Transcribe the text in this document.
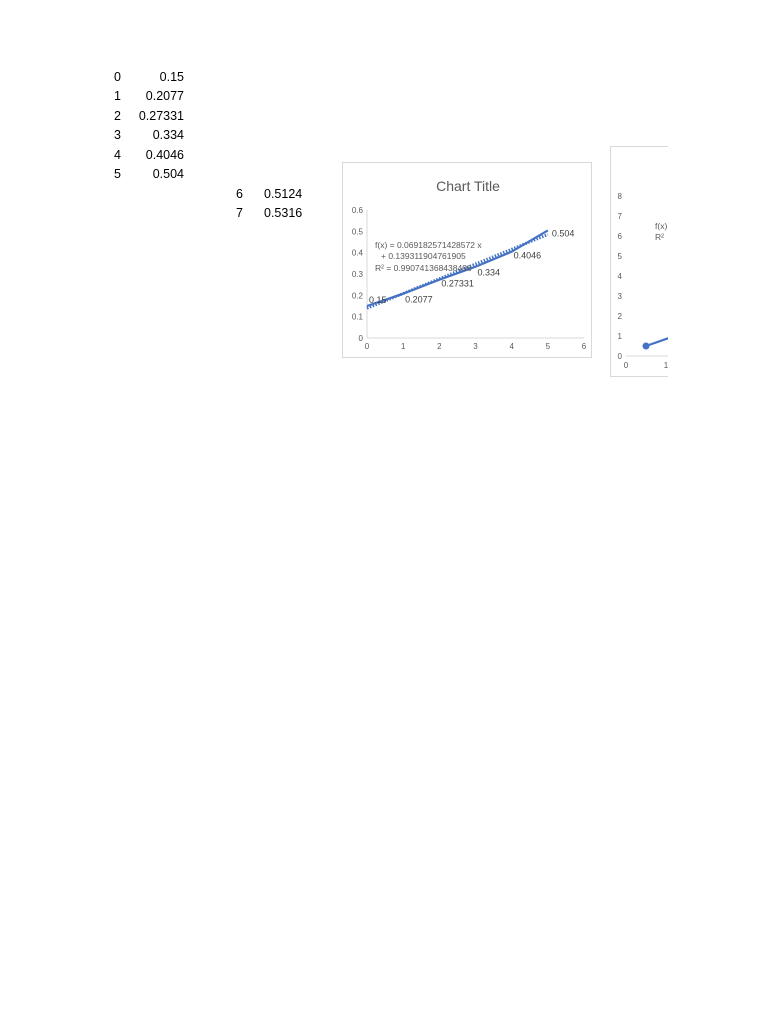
0	0.15
1	0.2077
2	0.27331
3	0.334
4	0.4046
5	0.504
6 0.5124
7 0.5316
Chart Title
0
0.1
0.2
0.3
0.4
0.5
0.6
0	1	2	3	4	5	6
f(x) = 0.069182571428572 x
+ 0.139311904761905
R² = 0.990741368438496
0.15 0.2077
0.27331
0.334
0.4046
0.504
0
1
2
3
4
5
6
7
8
0	1
f(x)
R²
